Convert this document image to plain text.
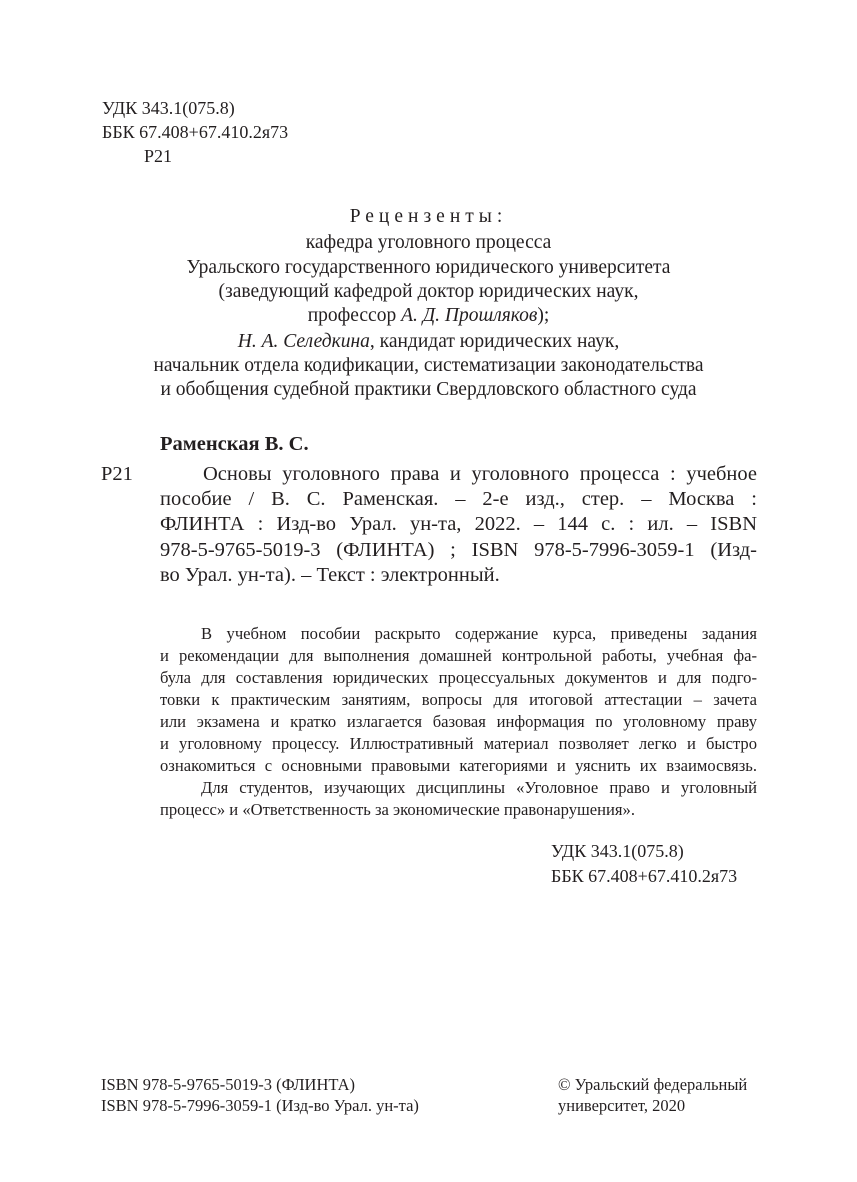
УДК 343.1(075.8)
ББК 67.408+67.410.2я73
Р21
Рецензенты:
кафедра уголовного процесса
Уральского государственного юридического университета
(заведующий кафедрой доктор юридических наук,
профессор А. Д. Прошляков);
Н. А. Селедкина, кандидат юридических наук,
начальник отдела кодификации, систематизации законодательства
и обобщения судебной практики Свердловского областного суда
Раменская В. С.
Р21	Основы уголовного права и уголовного процесса : учебное
пособие / В. С. Раменская. – 2-е изд., стер. – Москва :
ФЛИНТА : Изд-во Урал. ун-та, 2022. – 144 с. : ил. – ISBN
978-5-9765-5019-3 (ФЛИНТА) ; ISBN 978-5-7996-3059-1 (Изд-
во Урал. ун-та). – Текст : электронный.
В учебном пособии раскрыто содержание курса, приведены задания
и рекомендации для выполнения домашней контрольной работы, учебная фа-
була для составления юридических процессуальных документов и для подго-
товки к практическим занятиям, вопросы для итоговой аттестации – зачета
или экзамена и кратко излагается базовая информация по уголовному праву
и уголовному процессу. Иллюстративный материал позволяет легко и быстро
ознакомиться с основными правовыми категориями и уяснить их взаимосвязь.
Для студентов, изучающих дисциплины «Уголовное право и уголовный
процесс» и «Ответственность за экономические правонарушения».
УДК 343.1(075.8)
ББК 67.408+67.410.2я73
ISBN 978-5-9765-5019-3 (ФЛИНТА)
ISBN 978-5-7996-3059-1 (Изд-во Урал. ун-та)
© Уральский федеральный
университет, 2020
